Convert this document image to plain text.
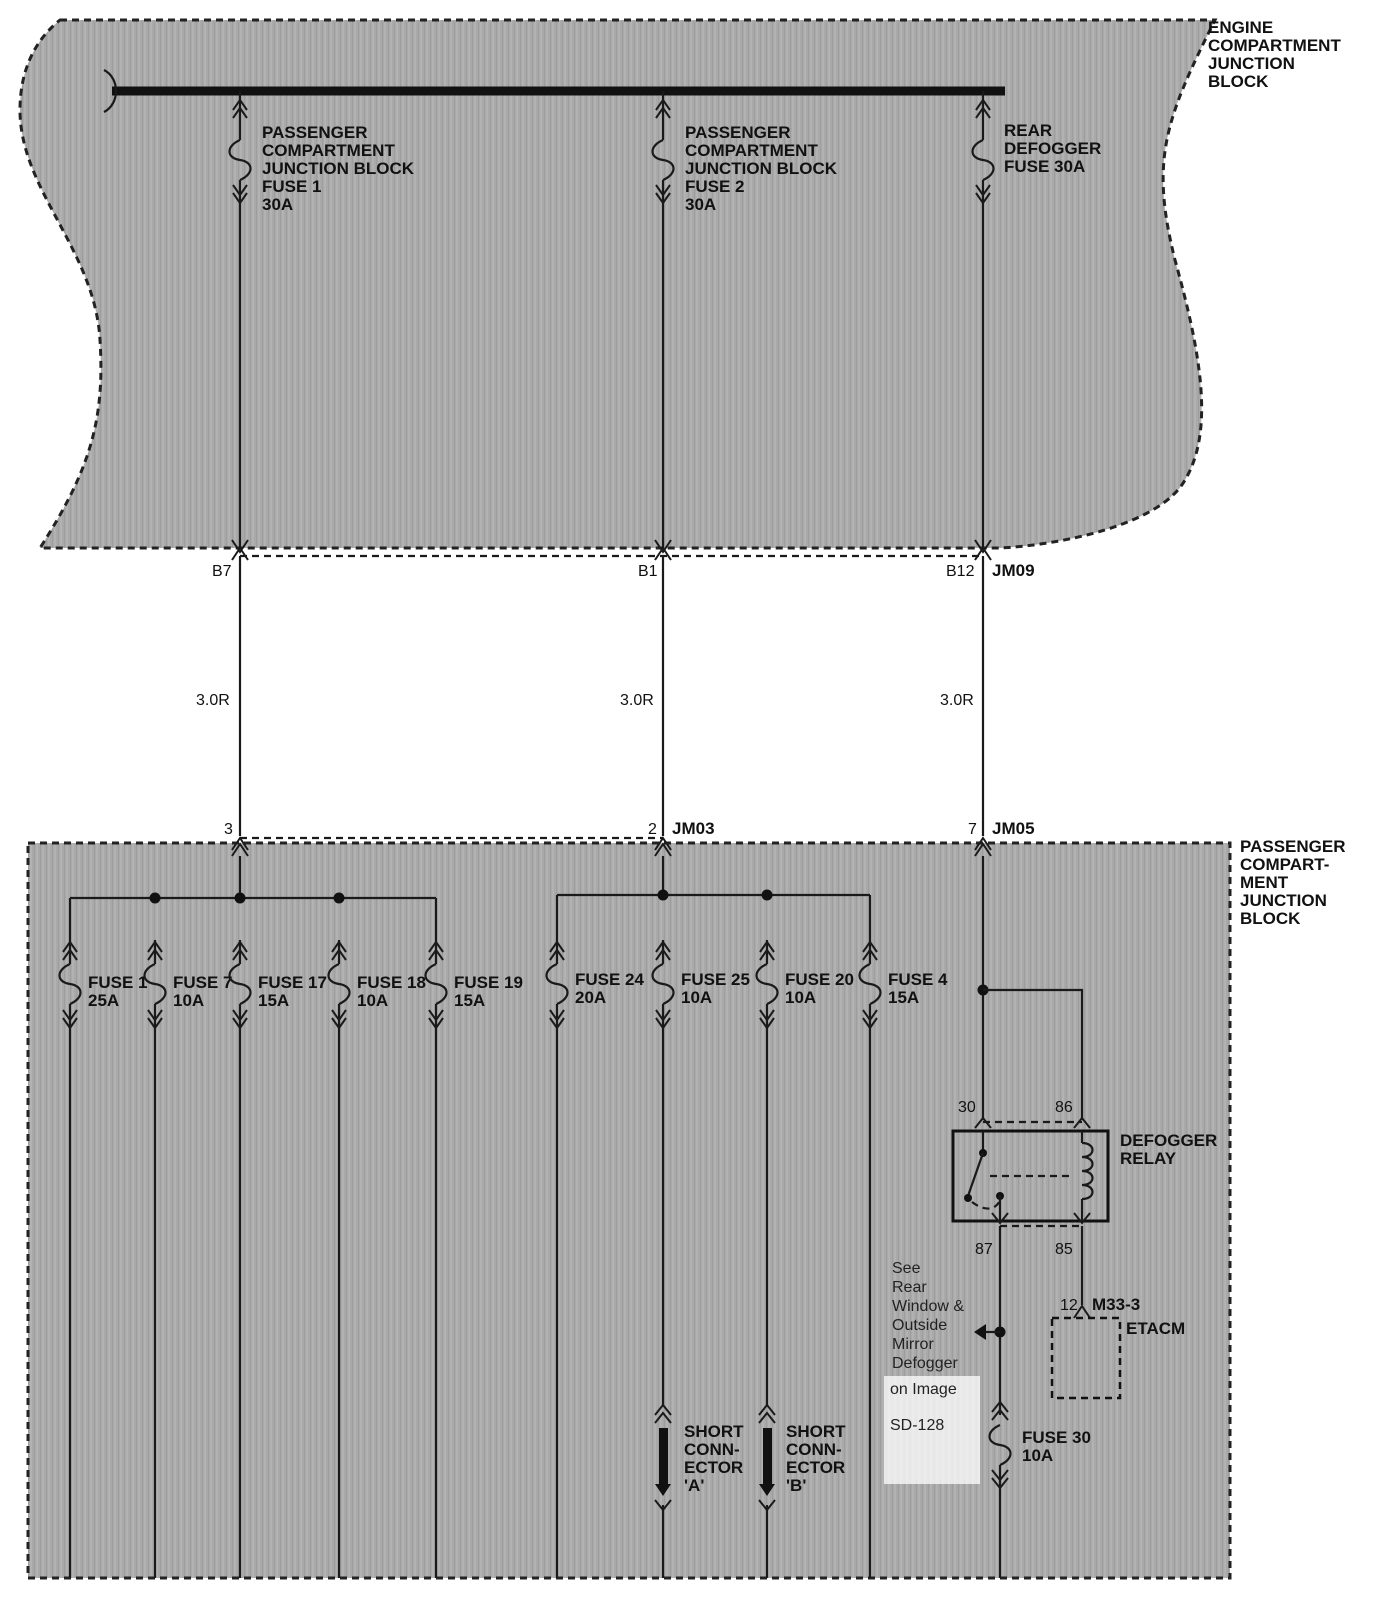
ENGINE
COMPARTMENT
JUNCTION
BLOCK
PASSENGER
COMPARTMENT
JUNCTION BLOCK
FUSE 1
30A
PASSENGER
COMPARTMENT
JUNCTION BLOCK
FUSE 2
30A
REAR
DEFOGGER
FUSE 30A
B7	B1	B12 JM09
3.0R	3.0R	3.0R
3	2 JM03	7 JM05
PASSENGER
COMPART-
MENT
JUNCTION
BLOCK
FUSE 1
25A
FUSE 7
10A
FUSE 17
15A
FUSE 18
10A
FUSE 19
15A
FUSE 24
20A
FUSE 25
10A
FUSE 20
10A
FUSE 4
15A
SHORT
CONN-
ECTOR
'A'
SHORT
CONN-
ECTOR
'B'
30	86
DEFOGGER
RELAY
87	85
12 M33-3
ETACM
FUSE 30
10A
See
Rear
Window &
Outside
Mirror
Defogger
on Image
SD-128
